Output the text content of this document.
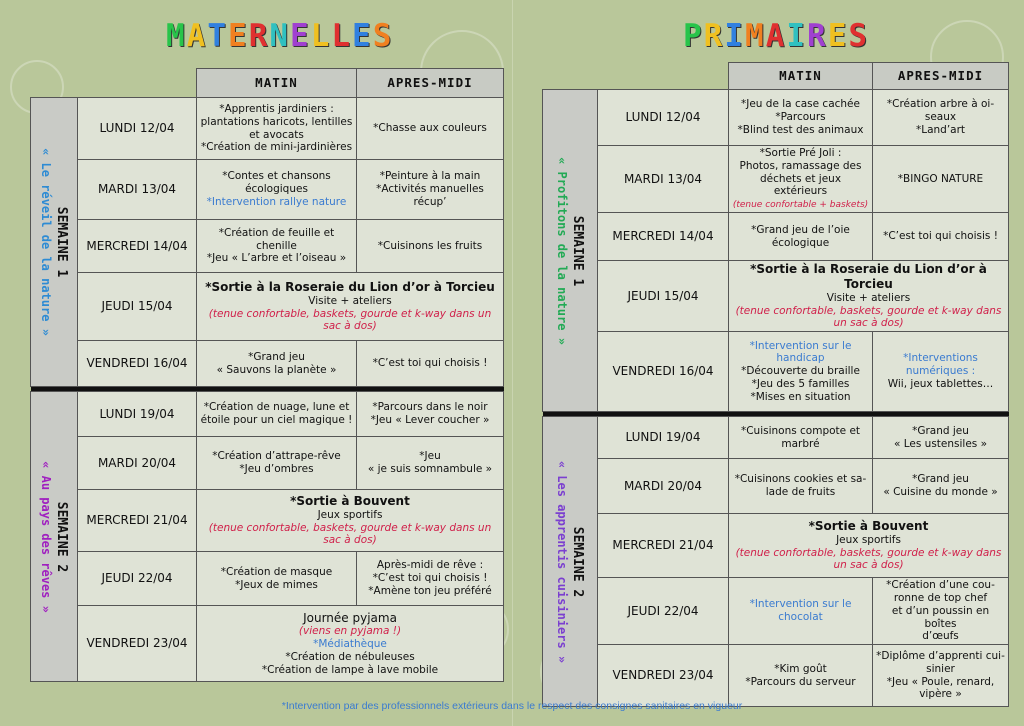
MATERNELLES	PRIMAIRES
		MATIN	APRES-MIDI

SEMAINE 1
« Le réveil de la nature »	LUNDI 12/04	*Apprentis jardiniers :
plantations haricots, lentilles
et avocats
*Création de mini-jardinières	*Chasse aux couleurs
	MARDI 13/04	*Contes et chansons
écologiques
*Intervention rallye nature	*Peinture à la main
*Activités manuelles
récup’
	MERCREDI 14/04	*Création de feuille et
chenille
*Jeu « L’arbre et l’oiseau »	*Cuisinons les fruits
	JEUDI 15/04	*Sortie à la Roseraie du Lion d’or à Torcieu
Visite + ateliers
(tenue confortable, baskets, gourde et k-way dans un sac à dos)	
	VENDREDI 16/04	*Grand jeu
« Sauvons la planète »	*C’est toi qui choisis !

SEMAINE 2
« Au pays des rêves »	LUNDI 19/04	*Création de nuage, lune et
étoile pour un ciel magique !	*Parcours dans le noir
*Jeu « Lever coucher »
	MARDI 20/04	*Création d’attrape-rêve
*Jeu d’ombres	*Jeu
« je suis somnambule »
	MERCREDI 21/04	*Sortie à Bouvent
Jeux sportifs
(tenue confortable, baskets, gourde et k-way dans un sac à dos)	
	JEUDI 22/04	*Création de masque
*Jeux de mimes	Après-midi de rêve :
*C’est toi qui choisis !
*Amène ton jeu préféré
	VENDREDI 23/04	Journée pyjama
(viens en pyjama !)
*Médiathèque
*Création de nébuleuses
*Création de lampe à lave mobile	
		MATIN	APRES-MIDI

SEMAINE 1
« Profitons de la nature »	LUNDI 12/04	*Jeu de la case cachée
*Parcours
*Blind test des animaux	*Création arbre à oi-
seaux
*Land’art
	MARDI 13/04	*Sortie Pré Joli :
Photos, ramassage des
déchets et jeux extérieurs
(tenue confortable + baskets)	*BINGO NATURE
	MERCREDI 14/04	*Grand jeu de l’oie
écologique	*C’est toi qui choisis !
	JEUDI 15/04	*Sortie à la Roseraie du Lion d’or à Torcieu
Visite + ateliers
(tenue confortable, baskets, gourde et k-way dans un sac à dos)	
	VENDREDI 16/04	*Intervention sur le
handicap
*Découverte du braille
*Jeu des 5 familles
*Mises en situation	*Interventions
numériques :
Wii, jeux tablettes…

SEMAINE 2
« Les apprentis cuisiniers »	LUNDI 19/04	*Cuisinons compote et
marbré	*Grand jeu
« Les ustensiles »
	MARDI 20/04	*Cuisinons cookies et sa-
lade de fruits	*Grand jeu
« Cuisine du monde »
	MERCREDI 21/04	*Sortie à Bouvent
Jeux sportifs
(tenue confortable, baskets, gourde et k-way dans un sac à dos)	
	JEUDI 22/04	*Intervention sur le
chocolat	*Création d’une cou-
ronne de top chef
et d’un poussin en boîtes
d’œufs
	VENDREDI 23/04	*Kim goût
*Parcours du serveur	*Diplôme d’apprenti cui-
sinier
*Jeu « Poule, renard,
vipère »
*Intervention par des professionnels extérieurs dans le respect des consignes sanitaires en vigueur
